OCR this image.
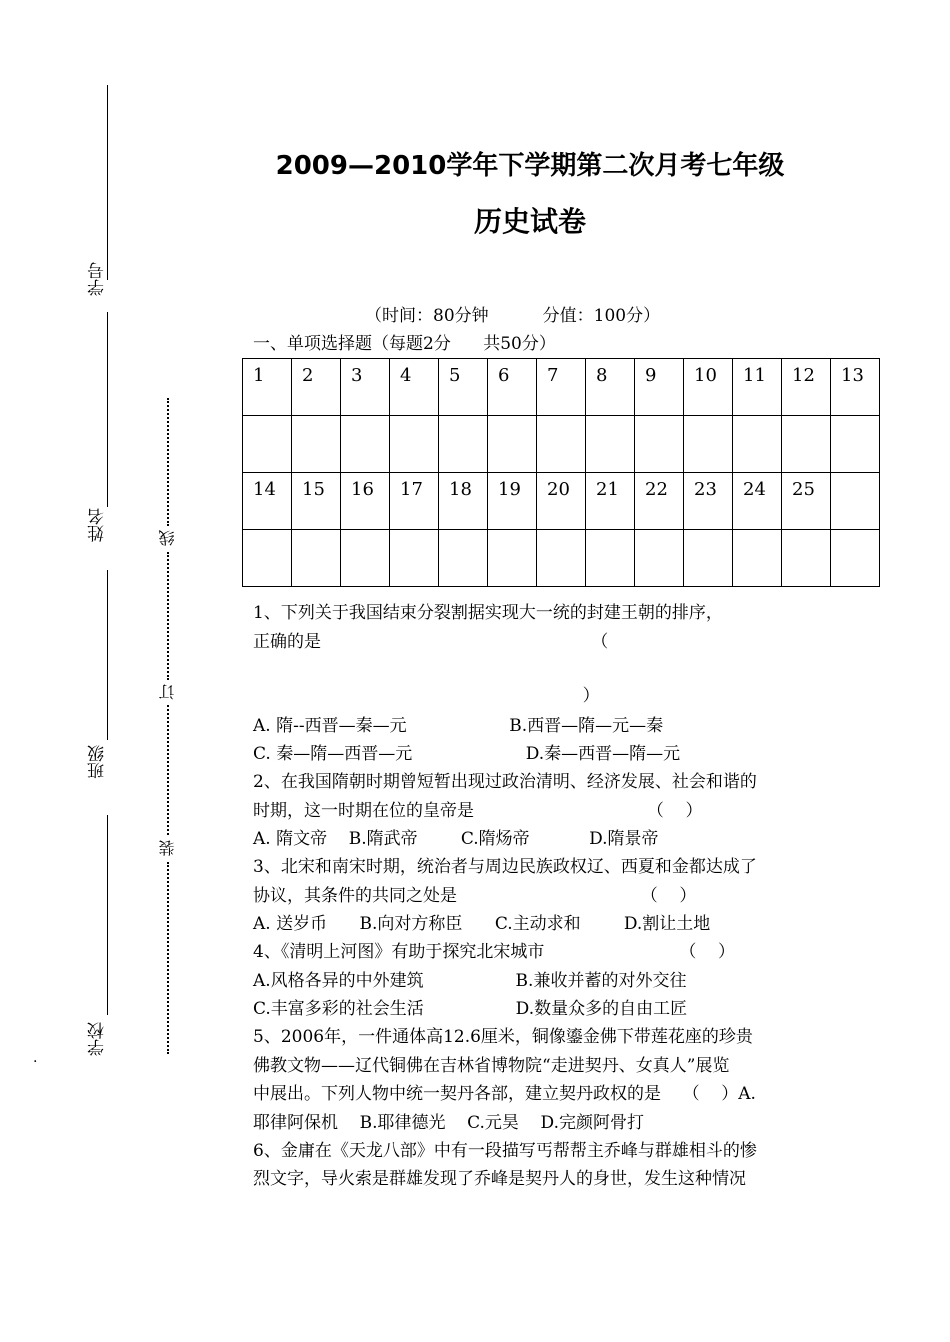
学号
姓名
班级
学校
线
订
装
.
2009—2010学年下学期第二次月考七年级
历史试卷
（时间：80分钟          分值：100分）
一、单项选择题（每题2分      共50分）
1	2	3	4	5	6	7	8	9	10	11	12	13

14	15	16	17	18	19	20	21	22	23	24	25	

1、下列关于我国结束分裂割据实现大一统的封建王朝的排序，
正确的是                                                  （
）
A. 隋--西晋—秦—元                   B.西晋—隋—元—秦
C. 秦—隋—西晋—元                     D.秦—西晋—隋—元
2、在我国隋朝时期曾短暂出现过政治清明、经济发展、社会和谐的
时期，这一时期在位的皇帝是                                （    ）
A. 隋文帝    B.隋武帝        C.隋炀帝           D.隋景帝
3、北宋和南宋时期，统治者与周边民族政权辽、西夏和金都达成了
协议，其条件的共同之处是                                  （    ）
A. 送岁币      B.向对方称臣      C.主动求和        D.割让土地
4、《清明上河图》有助于探究北宋城市                         （    ）
A.风格各异的中外建筑                 B.兼收并蓄的对外交往
C.丰富多彩的社会生活                 D.数量众多的自由工匠
5、2006年，一件通体高12.6厘米，铜像鎏金佛下带莲花座的珍贵
佛教文物——辽代铜佛在吉林省博物院“走进契丹、女真人”展览
中展出。下列人物中统一契丹各部，建立契丹政权的是    （    ）A.
耶律阿保机    B.耶律德光    C.元昊    D.完颜阿骨打
6、金庸在《天龙八部》中有一段描写丐帮帮主乔峰与群雄相斗的惨
烈文字，导火索是群雄发现了乔峰是契丹人的身世，发生这种情况
